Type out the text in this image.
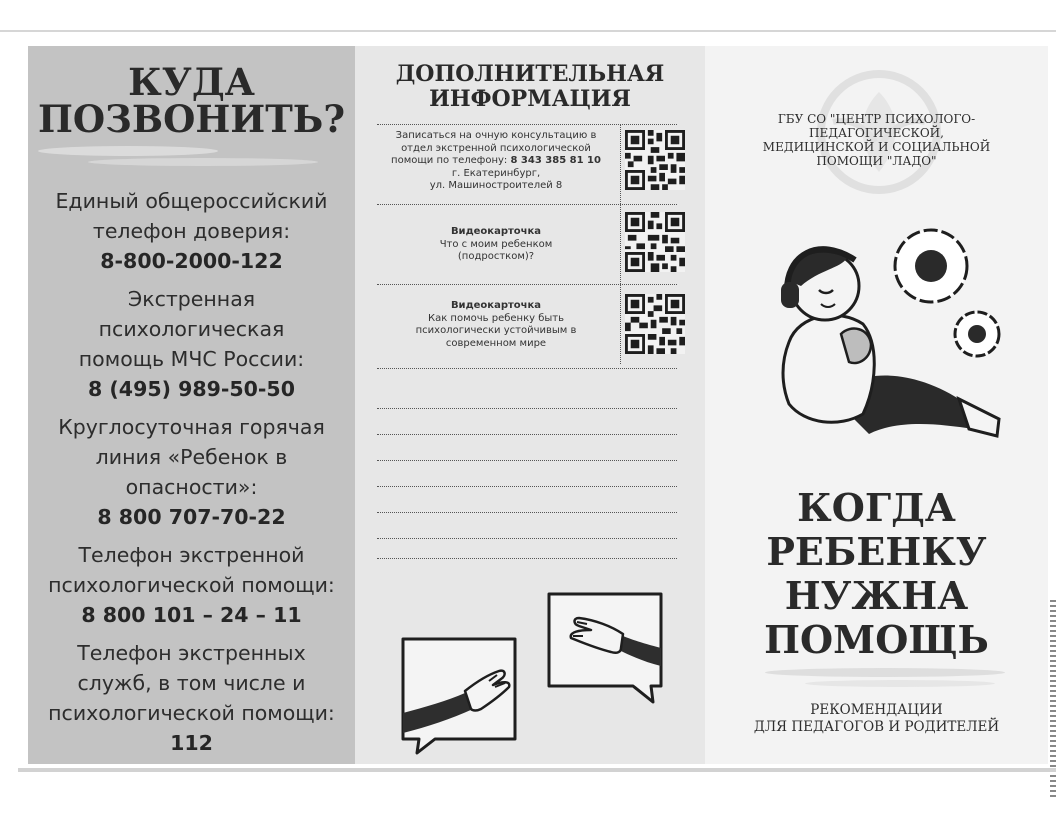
КУДА
ПОЗВОНИТЬ?
Единый общероссийский
телефон доверия:
8-800-2000-122
Экстренная
психологическая
помощь МЧС России:
8 (495) 989-50-50
Круглосуточная горячая
линия «Ребенок в
опасности»:
8 800 707-70-22
Телефон экстренной
психологической помощи:
8 800 101 – 24 – 11
Телефон экстренных
служб, в том числе и
психологической помощи:
112
ДОПОЛНИТЕЛЬНАЯ
ИНФОРМАЦИЯ
Записаться на очную консультацию в
отдел экстренной психологической
помощи по телефону: 8 343 385 81 10
г. Екатеринбург,
ул. Машиностроителей 8
Видеокарточка
Что с моим ребенком
(подростком)?
Видеокарточка
Как помочь ребенку быть
психологически устойчивым в
современном мире
ГБУ СО "ЦЕНТР ПСИХОЛОГО-
ПЕДАГОГИЧЕСКОЙ,
МЕДИЦИНСКОЙ И СОЦИАЛЬНОЙ
ПОМОЩИ "ЛАДО"
КОГДА
РЕБЕНКУ
НУЖНА
ПОМОЩЬ
РЕКОМЕНДАЦИИ
ДЛЯ ПЕДАГОГОВ И РОДИТЕЛЕЙ
